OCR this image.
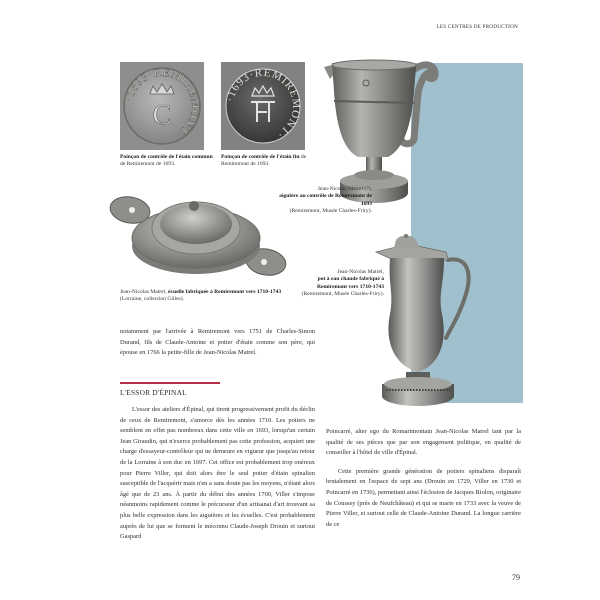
LES CENTRES DE PRODUCTION
·1693·REMIREMONT·
C
·1693·REMIREMONT·
Poinçon de contrôle de l'étain commun de Remiremont de 1693.
Poinçon de contrôle de l'étain fin de Remiremont de 1693.
Jean-Nicolas Matrel (?),
aiguière au contrôle de Remiremont de 1693
(Remiremont, Musée Charles-Friry).
Jean-Nicolas Matrel, écuelle fabriquée à Remiremont vers 1710-1743
(Lorraine, collection Gilles).
Jean-Nicolas Matrel,
pot à eau chaude fabriqué à Remiremont vers 1710-1743 (Remiremont, Musée Charles-Friry).

notamment par l'arrivée à Remiremont vers 1751 de Charles-Simon Durand, fils de Claude-Antoine et potier d'étain comme son père, qui épouse en 1766 la petite-fille de Jean-Nicolas Matrel.

L'ESSOR D'ÉPINAL

L'essor des ateliers d'Épinal, qui tirent progressivement profit du déclin de ceux de Remiremont, s'amorce dès les années 1710. Les potiers ne semblent en effet pas nombreux dans cette ville en 1693, lorsqu'un certain Jean Giraudin, qui n'exerce probablement pas cette profession, acquiert une charge d'essayeur-contrôleur qui ne demeure en vigueur que jusqu'au retour de la Lorraine à son duc en 1697. Cet office est probablement trop onéreux pour Pierre Viller, qui doit alors être le seul potier d'étain spinalien susceptible de l'acquérir mais n'en a sans doute pas les moyens, n'étant alors âgé que de 23 ans. À partir du début des années 1700, Viller s'impose néanmoins rapidement comme le précurseur d'un artisanat d'art trouvant sa plus belle expression dans les aiguières et les écuelles. C'est probablement auprès de lui que se forment le méconnu Claude-Joseph Drouin et surtout Gaspard

Poincarré, alter ego du Romarimontain Jean-Nicolas Matrel tant par la qualité de ses pièces que par son engagement politique, en qualité de conseiller à l'hôtel de ville d'Épinal.

Cette première grande génération de potiers spinaliens disparaît brutalement en l'espace de sept ans (Drouin en 1729, Viller en 1730 et Poincarré en 1736), permettant ainsi l'éclosion de Jacques Riolon, originaire de Coussey (près de Neufchâteau) et qui se marie en 1733 avec la veuve de Pierre Viller, et surtout celle de Claude-Antoine Durand. La longue carrière de ce

79
